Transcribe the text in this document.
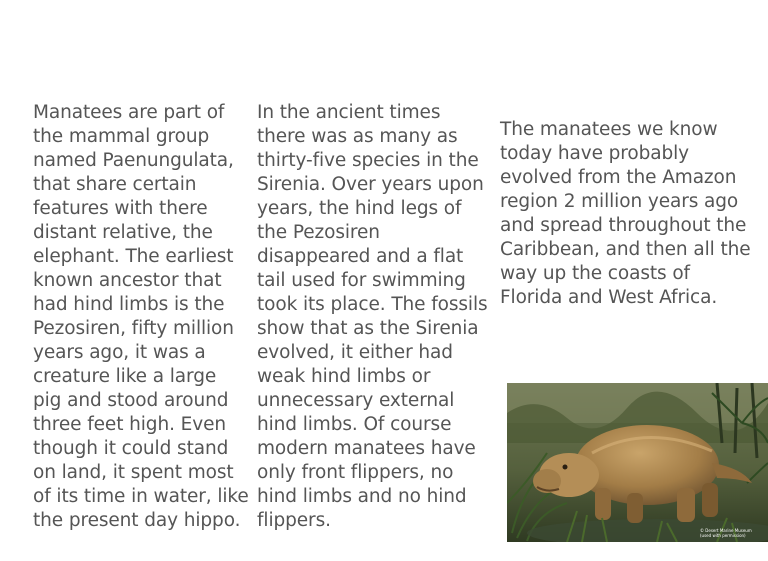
Manatees are part of
the mammal group
named Paenungulata,
that share certain
features with there
distant relative, the
elephant. The earliest
known ancestor that
had hind limbs is the
Pezosiren, fifty million
years ago, it was a
creature like a large
pig and stood around
three feet high. Even
though it could stand
on land, it spent most
of its time in water, like
the present day hippo.
In the ancient times
there was as many as
thirty-five species in the
Sirenia. Over years upon
years, the hind legs of
the Pezosiren
disappeared and a flat
tail used for swimming
took its place. The fossils
show that as the Sirenia
evolved, it either had
weak hind limbs or
unnecessary external
hind limbs. Of course
modern manatees have
only front flippers, no
hind limbs and no hind
flippers.
The manatees we know
today have probably
evolved from the Amazon
region 2 million years ago
and spread throughout the
Caribbean, and then all the
way up the coasts of
Florida and West Africa.
© Desert Marine Museum
(used with permission)
